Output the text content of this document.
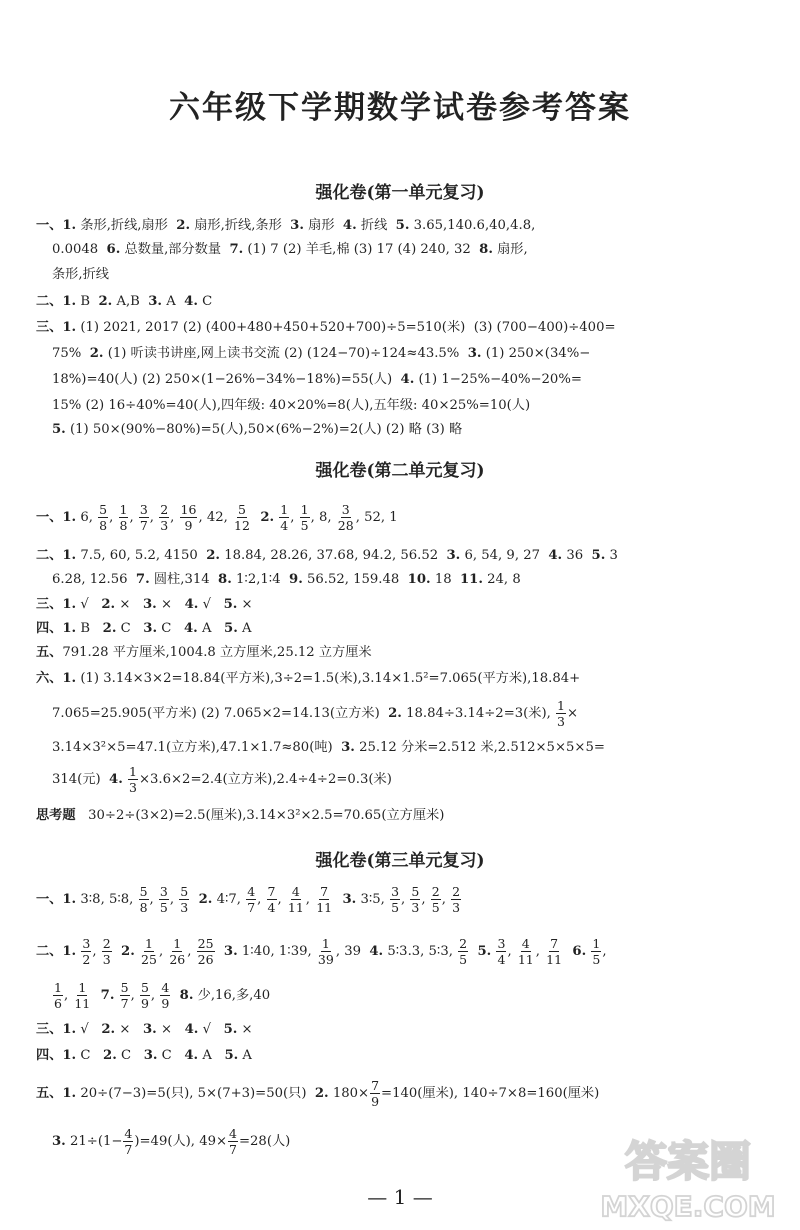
六年级下学期数学试卷参考答案
强化卷(第一单元复习)
一、1. 条形,折线,扇形 2. 扇形,折线,条形 3. 扇形 4. 折线 5. 3.65,140.6,40,4.8,
0.0048 6. 总数量,部分数量 7. (1) 7 (2) 羊毛,棉 (3) 17 (4) 240, 32 8. 扇形,
条形,折线
二、1. B 2. A,B 3. A 4. C
三、1. (1) 2021, 2017 (2) (400+480+450+520+700)÷5=510(米) (3) (700−400)÷400=
75% 2. (1) 听读书讲座,网上读书交流 (2) (124−70)÷124≈43.5% 3. (1) 250×(34%−
18%)=40(人) (2) 250×(1−26%−34%−18%)=55(人) 4. (1) 1−25%−40%−20%=
15% (2) 16÷40%=40(人),四年级: 40×20%=8(人),五年级: 40×25%=10(人)
5. (1) 50×(90%−80%)=5(人),50×(6%−2%)=2(人) (2) 略 (3) 略
强化卷(第二单元复习)
一、1. 6, $\frac{5}{8}$ , $\frac{1}{8}$ , $\frac{3}{7}$ , $\frac{2}{3}$ , $\frac{16}{9}$ , 42, $\frac{5}{12} 2$. $\frac{1}{4}$ , $\frac{1}{5}$ , 8, $\frac{3}{28}$ , 52, 1
二、1. 7.5, 60, 5.2, 4150 2. 18.84, 28.26, 37.68, 94.2, 56.52 3. 6, 54, 9, 27 4. 36 5. 3
6.28, 12.56 7. 圆柱,314 8. 1∶2,1∶4 9. 56.52, 159.48 10. 18 11. 24, 8
三、1. √ 2. × 3. × 4. √ 5. ×
四、1. B 2. C 3. C 4. A 5. A
五、791.28 平方厘米,1004.8 立方厘米,25.12 立方厘米
六、1. (1) 3.14×3×2=18.84(平方米),3÷2=1.5(米),3.14×1.5²=7.065(平方米),18.84+
7.065=25.905(平方米) (2) 7.065×2=14.13(立方米) 2. 18.84÷3.14÷2=3(米), $\frac{1}{3}$ ×
3.14×3²×5=47.1(立方米),47.1×1.7≈80(吨) 3. 25.12 分米=2.512 米,2.512×5×5×5=
314(元) 4. $\frac{1}{3} \times 3.6\times 2=2.4$(立方米),2.4÷4÷2=0.3(米)
思考题 30÷2÷(3×2)=2.5(厘米),3.14×3²×2.5=70.65(立方厘米)
强化卷(第三单元复习)
一、1. 3∶8, 5∶8, $\frac{5}{8}$ , $\frac{3}{5}$ , $\frac{5}{3} 2$. 4∶7, $\frac{4}{7}$ , $\frac{7}{4}$ , $\frac{4}{11}$ , $\frac{7}{11} 3$. 3∶5, $\frac{3}{5}$ , $\frac{5}{3}$ , $\frac{2}{5}$ , $\frac{2}{3}$
二、1. $\frac{3}{2}$ , $\frac{2}{3} 2$. $\frac{1}{25}$ , $\frac{1}{26}$ , $\frac{25}{26} 3$. 1∶40, 1∶39, $\frac{1}{39}$ , 39 4. 5∶3.3, 5∶3, $\frac{2}{5} 5$. $\frac{3}{4}$ , $\frac{4}{11}$ , $\frac{7}{11} 6$. $\frac{1}{5}$ ,
$\frac{1}{6}$ , $\frac{1}{11} 7$. $\frac{5}{7}$ , $\frac{5}{9}$ , $\frac{4}{9} 8$. 少,16,多,40
三、1. √ 2. × 3. × 4. √ 5. ×
四、1. C 2. C 3. C 4. A 5. A
五、1. 20÷(7−3)=5(只), 5×(7+3)=50(只) 2. $180\times \frac{7}{9} =140$(厘米), 140÷7×8=160(厘米)
3. $21\div(1- \frac{4}{7} )=49$(人), $49\times \frac{4}{7} =28$(人)
— 1 —
答案圈
MXQE.COM
